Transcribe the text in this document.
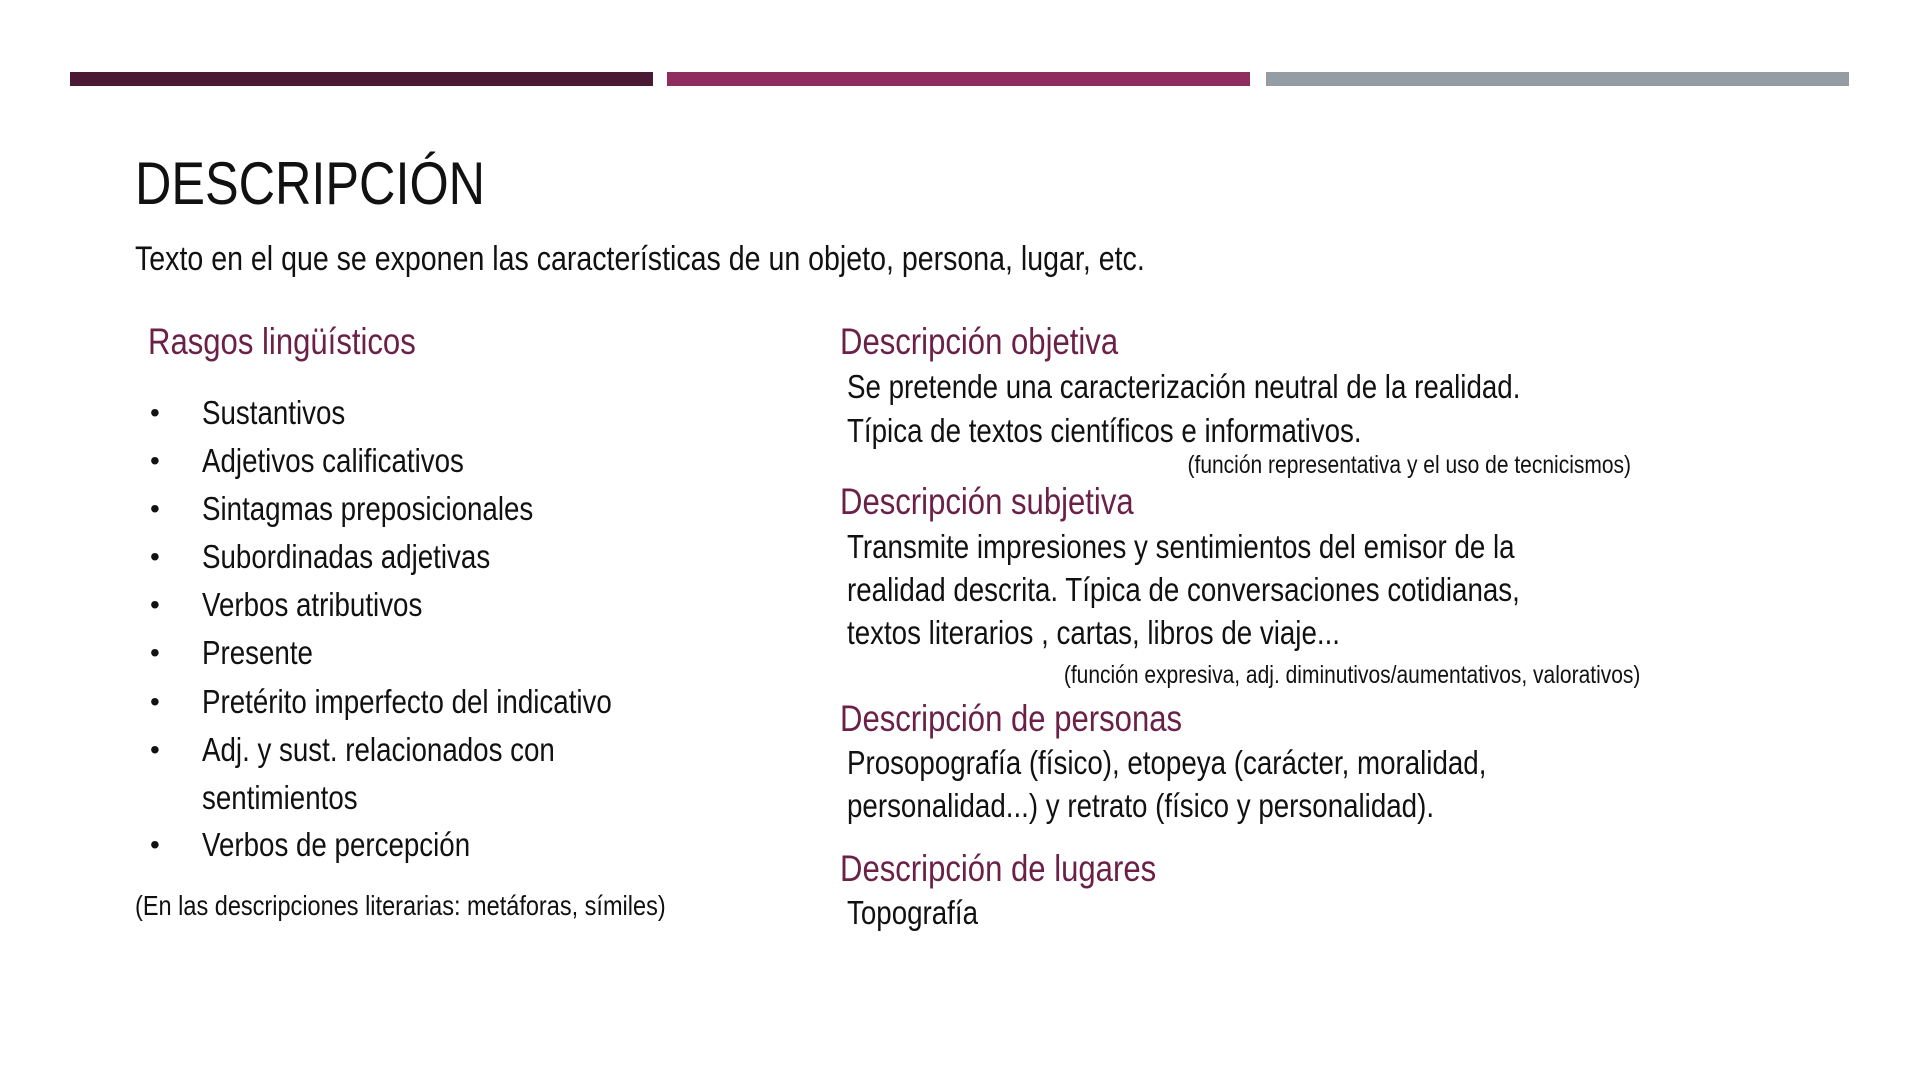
DESCRIPCIÓN
Texto en el que se exponen las características de un objeto, persona, lugar, etc.
Rasgos lingüísticos
• Sustantivos
• Adjetivos calificativos
• Sintagmas preposicionales
• Subordinadas adjetivas
• Verbos atributivos
• Presente
• Pretérito imperfecto del indicativo
• Adj. y sust. relacionados con
sentimientos
• Verbos de percepción
(En las descripciones literarias: metáforas, símiles)
Descripción objetiva
Se pretende una caracterización neutral de la realidad.
Típica de textos científicos e informativos.
(función representativa y el uso de tecnicismos)
Descripción subjetiva
Transmite impresiones y sentimientos del emisor de la
realidad descrita. Típica de conversaciones cotidianas,
textos literarios , cartas, libros de viaje...
(función expresiva, adj. diminutivos/aumentativos, valorativos)
Descripción de personas
Prosopografía (físico), etopeya (carácter, moralidad,
personalidad...) y retrato (físico y personalidad).
Descripción de lugares
Topografía
